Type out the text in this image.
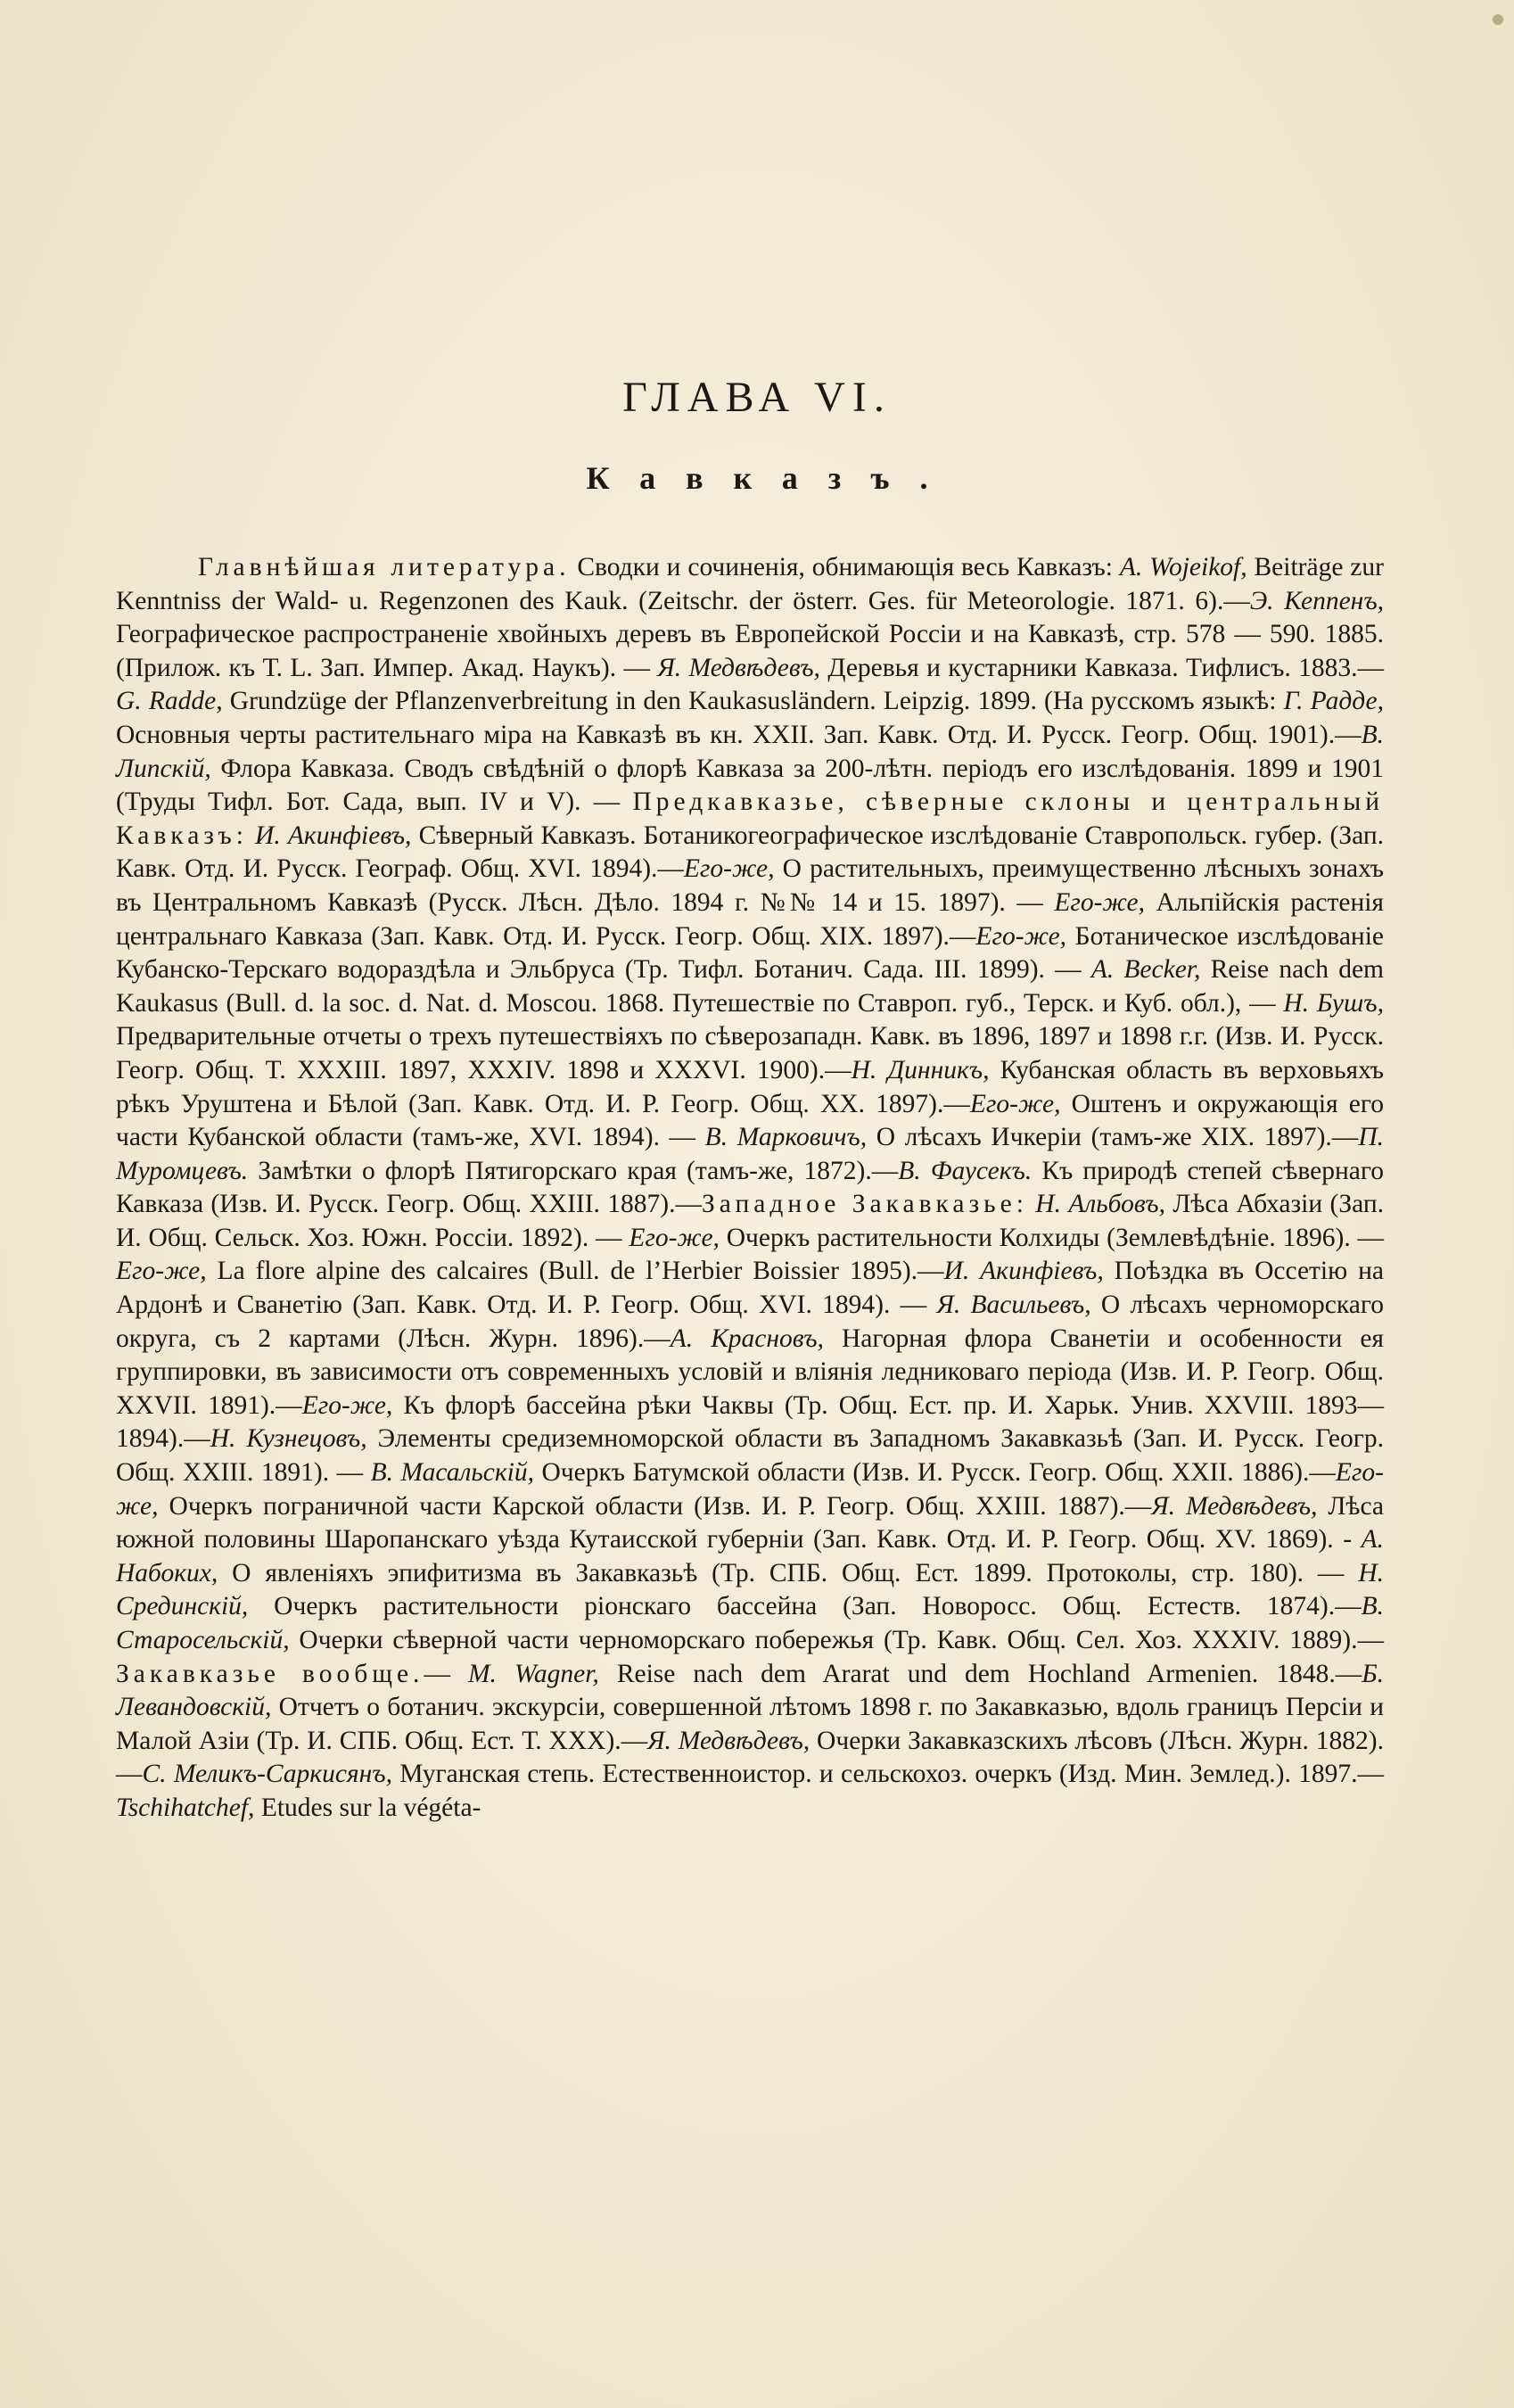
ГЛАВА VI.
Кавказъ.

Главнѣйшая литература. Сводки и сочиненія, обнимающія весь Кавказъ: A. Wojeikof, Beiträge zur Kenntniss der Wald- u. Regenzonen des Kauk. (Zeitschr. der österr. Ges. für Meteorologie. 1871. 6).—Э. Кеппенъ, Географическое распространеніе хвойныхъ деревъ въ Европейской Россіи и на Кавказѣ, стр. 578 — 590. 1885. (Прилож. къ Т. L. Зап. Импер. Акад. Наукъ). — Я. Медвѣдевъ, Деревья и кустарники Кавказа. Тифлисъ. 1883.— G. Radde, Grundzüge der Pflanzenverbreitung in den Kaukasusländern. Leipzig. 1899. (На русскомъ языкѣ: Г. Радде, Основныя черты растительнаго міра на Кавказѣ въ кн. XXII. Зап. Кавк. Отд. И. Русск. Геогр. Общ. 1901).—В. Липскій, Флора Кавказа. Сводъ свѣдѣній о флорѣ Кавказа за 200-лѣтн. періодъ его изслѣдованія. 1899 и 1901 (Труды Тифл. Бот. Сада, вып. IV и V). — Предкавказье, сѣверные склоны и центральный Кавказъ: И. Акинфіевъ, Сѣверный Кавказъ. Ботаникогеографическое изслѣдованіе Ставропольск. губер. (Зап. Кавк. Отд. И. Русск. Географ. Общ. XVI. 1894).—Его-же, О растительныхъ, преимущественно лѣсныхъ зонахъ въ Центральномъ Кавказѣ (Русск. Лѣсн. Дѣло. 1894 г. №№ 14 и 15. 1897). — Его-же, Альпійскія растенія центральнаго Кавказа (Зап. Кавк. Отд. И. Русск. Геогр. Общ. XIX. 1897).—Его-же, Ботаническое изслѣдованіе Кубанско-Терскаго водораздѣла и Эльбруса (Тр. Тифл. Ботанич. Сада. III. 1899). — A. Becker, Reise nach dem Kaukasus (Bull. d. la soc. d. Nat. d. Moscou. 1868. Путешествіе по Ставроп. губ., Терск. и Куб. обл.), — Н. Бушъ, Предварительные отчеты о трехъ путешествіяхъ по сѣверозападн. Кавк. въ 1896, 1897 и 1898 г.г. (Изв. И. Русск. Геогр. Общ. T. XXXIII. 1897, XXXIV. 1898 и XXXVI. 1900).—Н. Динникъ, Кубанская область въ верховьяхъ рѣкъ Уруштена и Бѣлой (Зап. Кавк. Отд. И. Р. Геогр. Общ. XX. 1897).—Его-же, Оштенъ и окружающія его части Кубанской области (тамъ-же, XVI. 1894). — В. Марковичъ, О лѣсахъ Ичкеріи (тамъ-же XIX. 1897).—П. Муромцевъ. Замѣтки о флорѣ Пятигорскаго края (тамъ-же, 1872).—В. Фаусекъ. Къ природѣ степей сѣвернаго Кавказа (Изв. И. Русск. Геогр. Общ. XXIII. 1887).—Западное Закавказье: Н. Альбовъ, Лѣса Абхазіи (Зап. И. Общ. Сельск. Хоз. Южн. Россіи. 1892). — Его-же, Очеркъ растительности Колхиды (Землевѣдѣніе. 1896). — Его-же, La flore alpine des calcaires (Bull. de l’Herbier Boissier 1895).—И. Акинфіевъ, Поѣздка въ Оссетію на Ардонѣ и Сванетію (Зап. Кавк. Отд. И. Р. Геогр. Общ. XVI. 1894). — Я. Васильевъ, О лѣсахъ черноморскаго округа, съ 2 картами (Лѣсн. Журн. 1896).—А. Красновъ, Нагорная флора Сванетіи и особенности ея группировки, въ зависимости отъ современныхъ условій и вліянія ледниковаго періода (Изв. И. Р. Геогр. Общ. XXVII. 1891).—Его-же, Къ флорѣ бассейна рѣки Чаквы (Тр. Общ. Ест. пр. И. Харьк. Унив. XXVIII. 1893—1894).—Н. Кузнецовъ, Элементы средиземноморской области въ Западномъ Закавказьѣ (Зап. И. Русск. Геогр. Общ. XXIII. 1891). — В. Масальскій, Очеркъ Батумской области (Изв. И. Русск. Геогр. Общ. XXII. 1886).—Его-же, Очеркъ пограничной части Карской области (Изв. И. Р. Геогр. Общ. XXIII. 1887).—Я. Медвѣдевъ, Лѣса южной половины Шаропанскаго уѣзда Кутаисской губерніи (Зап. Кавк. Отд. И. Р. Геогр. Общ. XV. 1869). - А. Набоких, О явленіяхъ эпифитизма въ Закавказьѣ (Тр. СПБ. Общ. Ест. 1899. Протоколы, стр. 180). — Н. Срединскій, Очеркъ растительности ріонскаго бассейна (Зап. Новоросс. Общ. Естеств. 1874).—В. Старосельскій, Очерки сѣверной части черноморскаго побережья (Тр. Кавк. Общ. Сел. Хоз. XXXIV. 1889).—Закавказье вообще.— M. Wagner, Reise nach dem Ararat und dem Hochland Armenien. 1848.—Б. Левандовскій, Отчетъ о ботанич. экскурсіи, совершенной лѣтомъ 1898 г. по Закавказью, вдоль границъ Персіи и Малой Азіи (Тр. И. СПБ. Общ. Ест. Т. XXX).—Я. Медвѣдевъ, Очерки Закавказскихъ лѣсовъ (Лѣсн. Журн. 1882).—С. Меликъ-Саркисянъ, Муганская степь. Естественноистор. и сельскохоз. очеркъ (Изд. Мин. Землед.). 1897.—Tschihatchef, Etudes sur la végéta-
